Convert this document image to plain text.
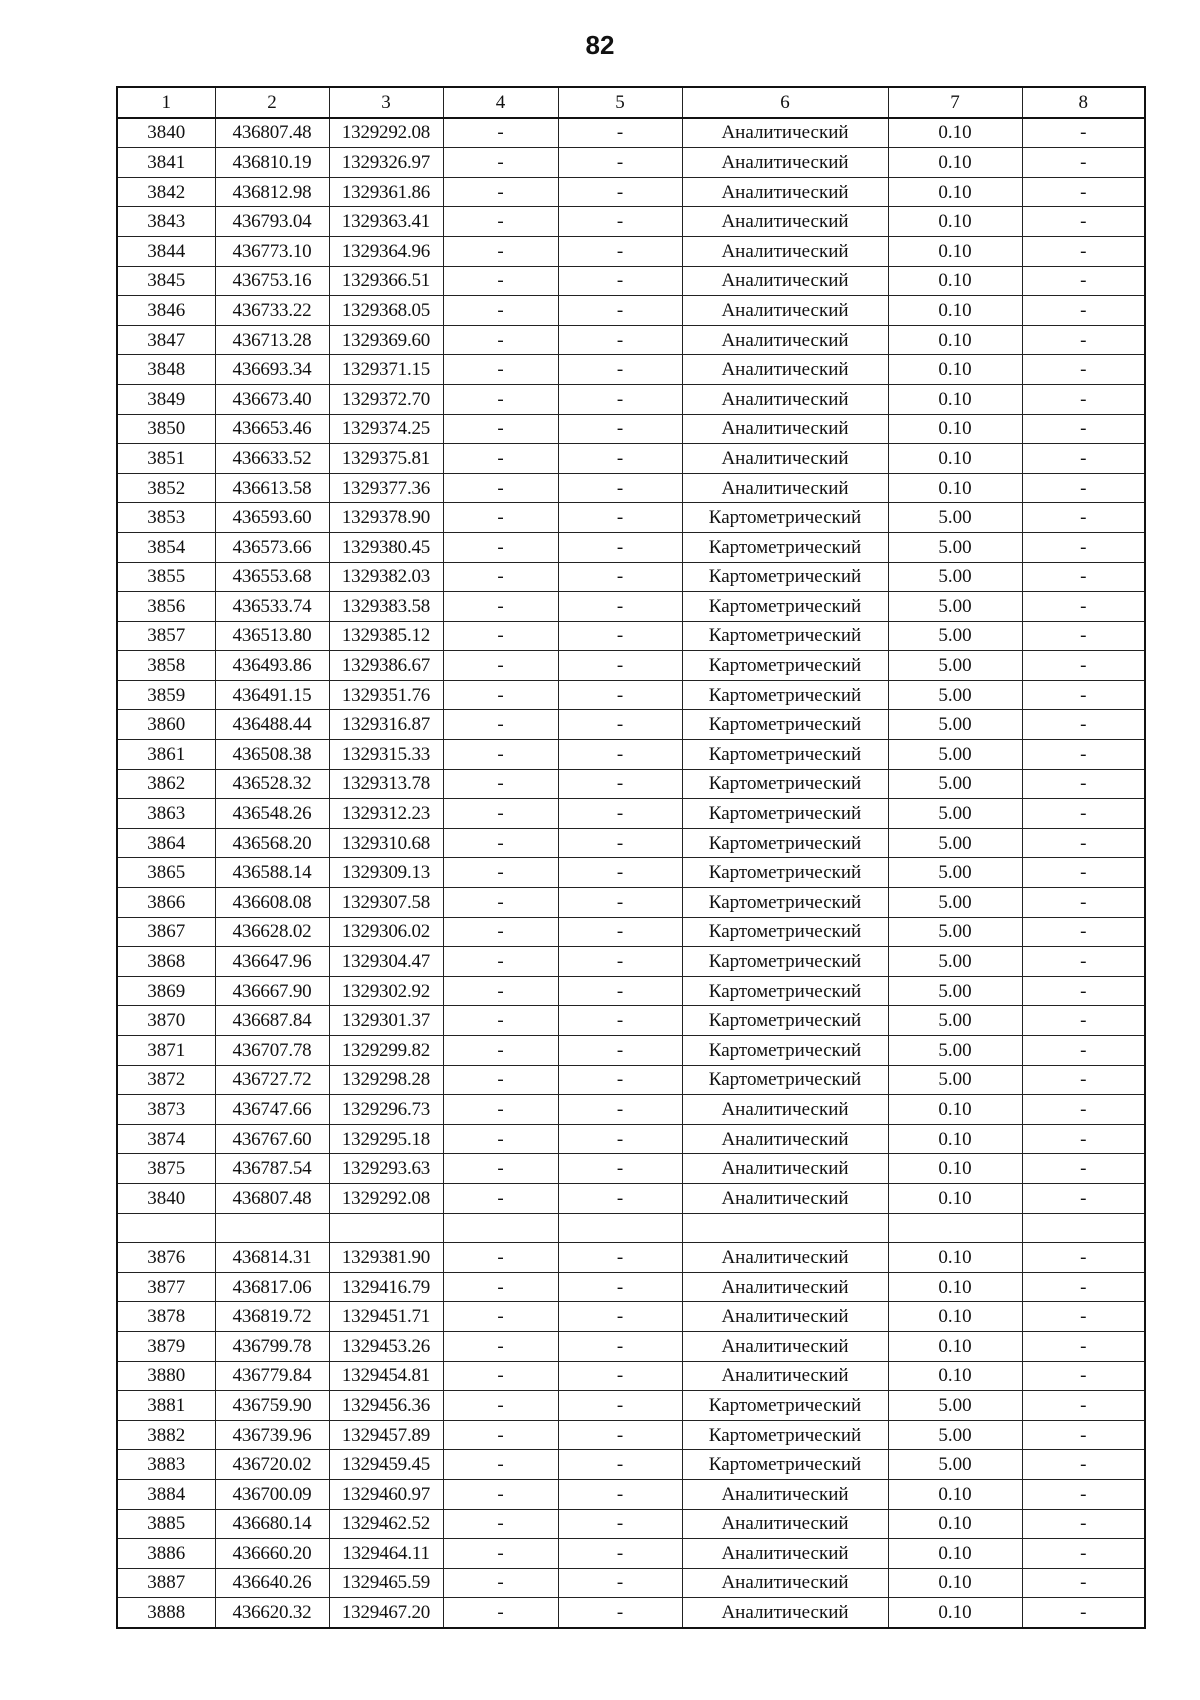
82
1	2	3	4	5	6	7	8
3840	436807.48	1329292.08	-	-	Аналитический	0.10	-
3841	436810.19	1329326.97	-	-	Аналитический	0.10	-
3842	436812.98	1329361.86	-	-	Аналитический	0.10	-
3843	436793.04	1329363.41	-	-	Аналитический	0.10	-
3844	436773.10	1329364.96	-	-	Аналитический	0.10	-
3845	436753.16	1329366.51	-	-	Аналитический	0.10	-
3846	436733.22	1329368.05	-	-	Аналитический	0.10	-
3847	436713.28	1329369.60	-	-	Аналитический	0.10	-
3848	436693.34	1329371.15	-	-	Аналитический	0.10	-
3849	436673.40	1329372.70	-	-	Аналитический	0.10	-
3850	436653.46	1329374.25	-	-	Аналитический	0.10	-
3851	436633.52	1329375.81	-	-	Аналитический	0.10	-
3852	436613.58	1329377.36	-	-	Аналитический	0.10	-
3853	436593.60	1329378.90	-	-	Картометрический	5.00	-
3854	436573.66	1329380.45	-	-	Картометрический	5.00	-
3855	436553.68	1329382.03	-	-	Картометрический	5.00	-
3856	436533.74	1329383.58	-	-	Картометрический	5.00	-
3857	436513.80	1329385.12	-	-	Картометрический	5.00	-
3858	436493.86	1329386.67	-	-	Картометрический	5.00	-
3859	436491.15	1329351.76	-	-	Картометрический	5.00	-
3860	436488.44	1329316.87	-	-	Картометрический	5.00	-
3861	436508.38	1329315.33	-	-	Картометрический	5.00	-
3862	436528.32	1329313.78	-	-	Картометрический	5.00	-
3863	436548.26	1329312.23	-	-	Картометрический	5.00	-
3864	436568.20	1329310.68	-	-	Картометрический	5.00	-
3865	436588.14	1329309.13	-	-	Картометрический	5.00	-
3866	436608.08	1329307.58	-	-	Картометрический	5.00	-
3867	436628.02	1329306.02	-	-	Картометрический	5.00	-
3868	436647.96	1329304.47	-	-	Картометрический	5.00	-
3869	436667.90	1329302.92	-	-	Картометрический	5.00	-
3870	436687.84	1329301.37	-	-	Картометрический	5.00	-
3871	436707.78	1329299.82	-	-	Картометрический	5.00	-
3872	436727.72	1329298.28	-	-	Картометрический	5.00	-
3873	436747.66	1329296.73	-	-	Аналитический	0.10	-
3874	436767.60	1329295.18	-	-	Аналитический	0.10	-
3875	436787.54	1329293.63	-	-	Аналитический	0.10	-
3840	436807.48	1329292.08	-	-	Аналитический	0.10	-

3876	436814.31	1329381.90	-	-	Аналитический	0.10	-
3877	436817.06	1329416.79	-	-	Аналитический	0.10	-
3878	436819.72	1329451.71	-	-	Аналитический	0.10	-
3879	436799.78	1329453.26	-	-	Аналитический	0.10	-
3880	436779.84	1329454.81	-	-	Аналитический	0.10	-
3881	436759.90	1329456.36	-	-	Картометрический	5.00	-
3882	436739.96	1329457.89	-	-	Картометрический	5.00	-
3883	436720.02	1329459.45	-	-	Картометрический	5.00	-
3884	436700.09	1329460.97	-	-	Аналитический	0.10	-
3885	436680.14	1329462.52	-	-	Аналитический	0.10	-
3886	436660.20	1329464.11	-	-	Аналитический	0.10	-
3887	436640.26	1329465.59	-	-	Аналитический	0.10	-
3888	436620.32	1329467.20	-	-	Аналитический	0.10	-
